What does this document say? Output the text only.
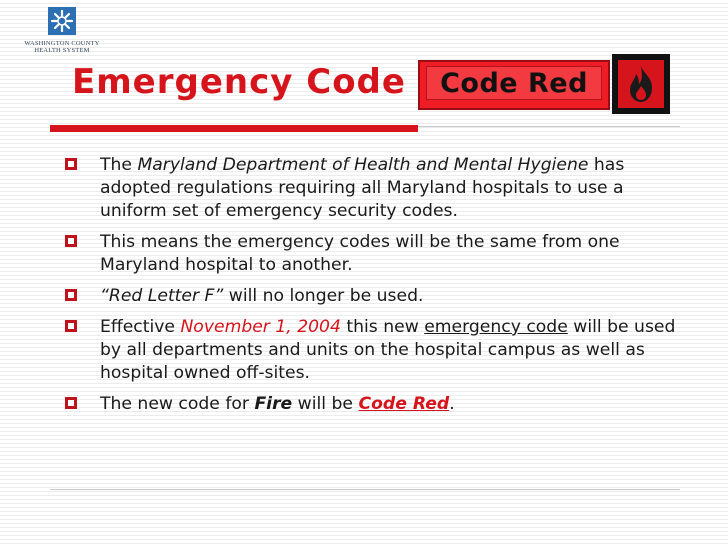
WASHINGTON COUNTY
HEALTH SYSTEM
Emergency Code Code Red
The Maryland Department of Health and Mental Hygiene has adopted regulations requiring all Maryland hospitals to use a uniform set of emergency security codes.
This means the emergency codes will be the same from one Maryland hospital to another.
“Red Letter F” will no longer be used.
Effective November 1, 2004 this new emergency code will be used by all departments and units on the hospital campus as well as hospital owned off-sites.
The new code for Fire will be Code Red.
